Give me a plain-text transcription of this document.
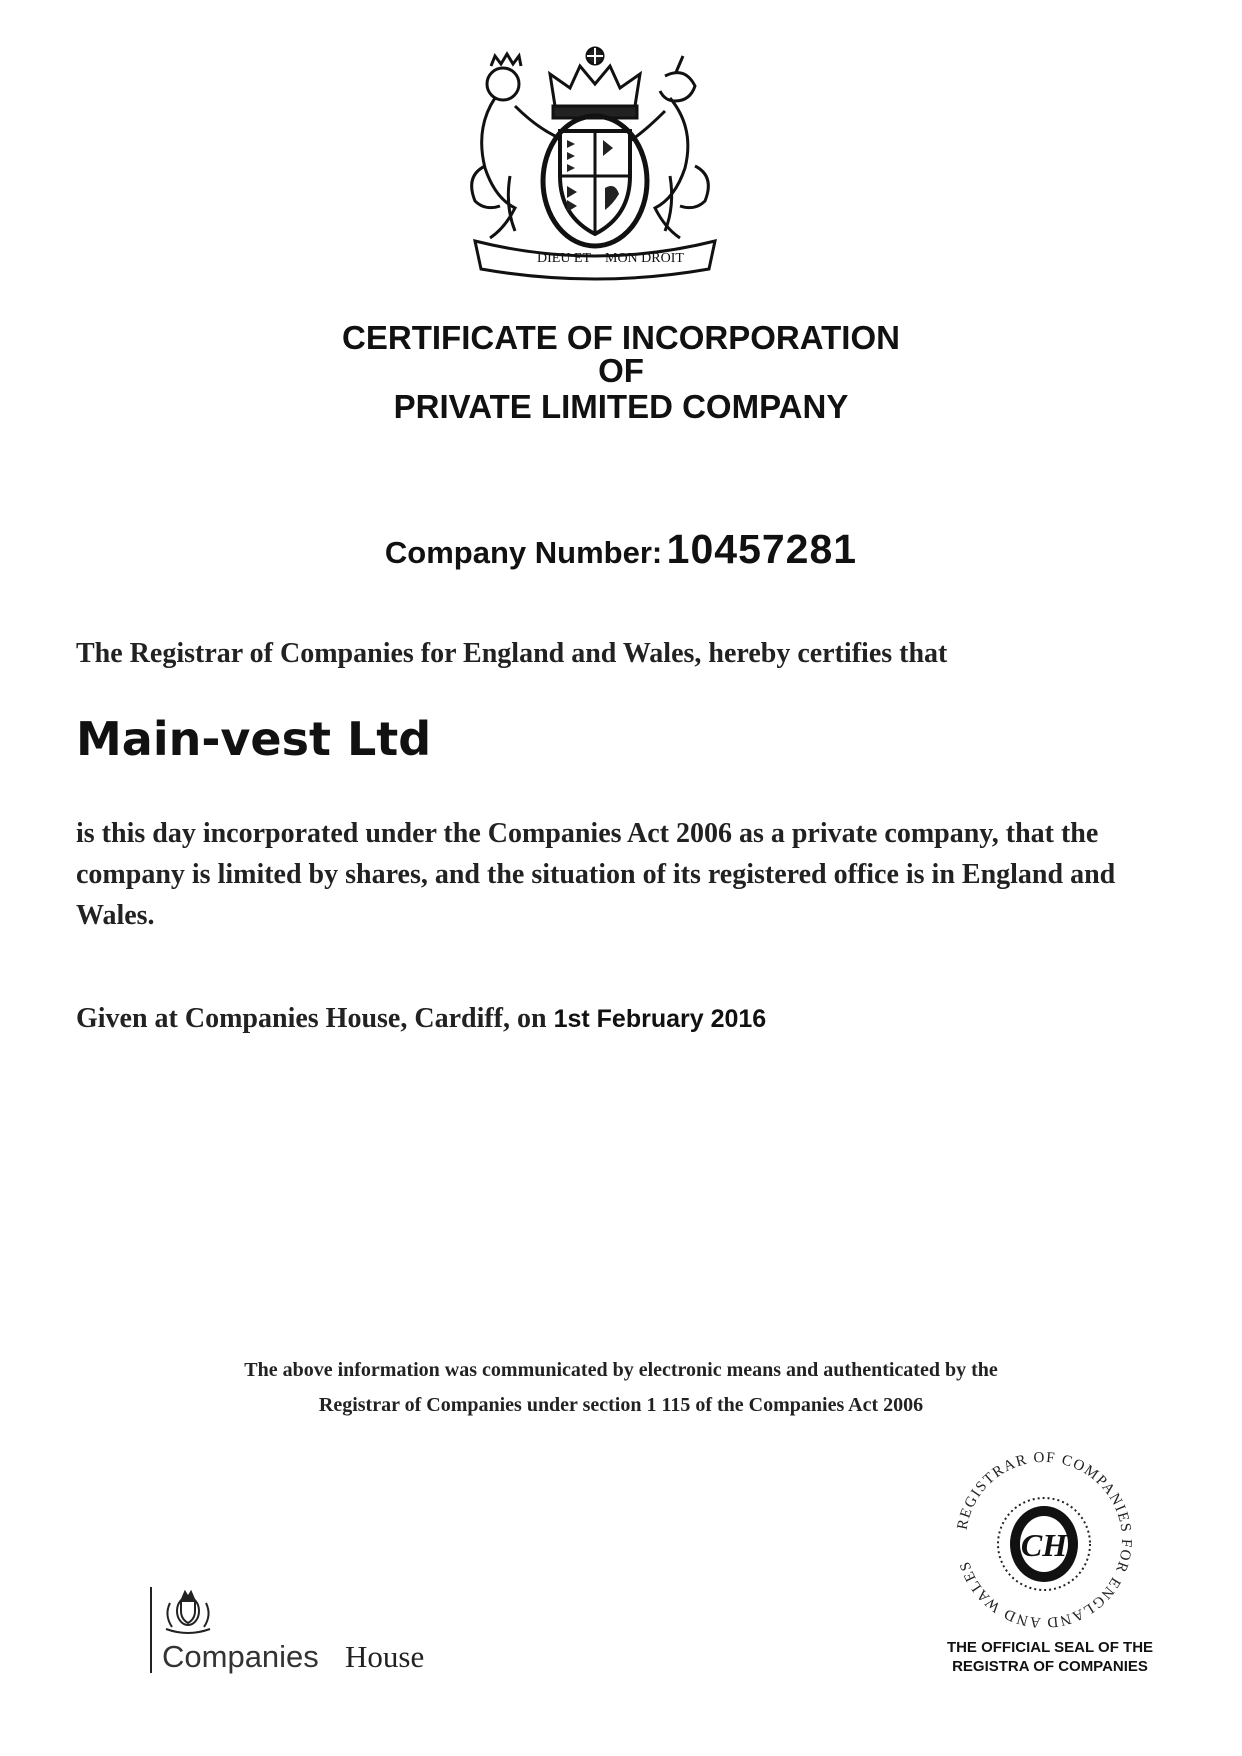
DIEU ET MON DROIT
CERTIFICATE OF INCORPORATION
OF
PRIVATE LIMITED COMPANY
Company Number: 10457281
The Registrar of Companies for England and Wales, hereby certifies that
Main-vest Ltd
is this day incorporated under the Companies Act 2006 as a private company, that the company is limited by shares, and the situation of its registered office is in England and Wales.
Given at Companies House, Cardiff, on 1st February 2016
The above information was communicated by electronic means and authenticated by the
Registrar of Companies under section 1 115 of the Companies Act 2006
Companies House
REGISTRAR OF COMPANIES FOR ENGLAND AND WALES
CH
THE OFFICIAL SEAL OF THE
REGISTRA OF COMPANIES
